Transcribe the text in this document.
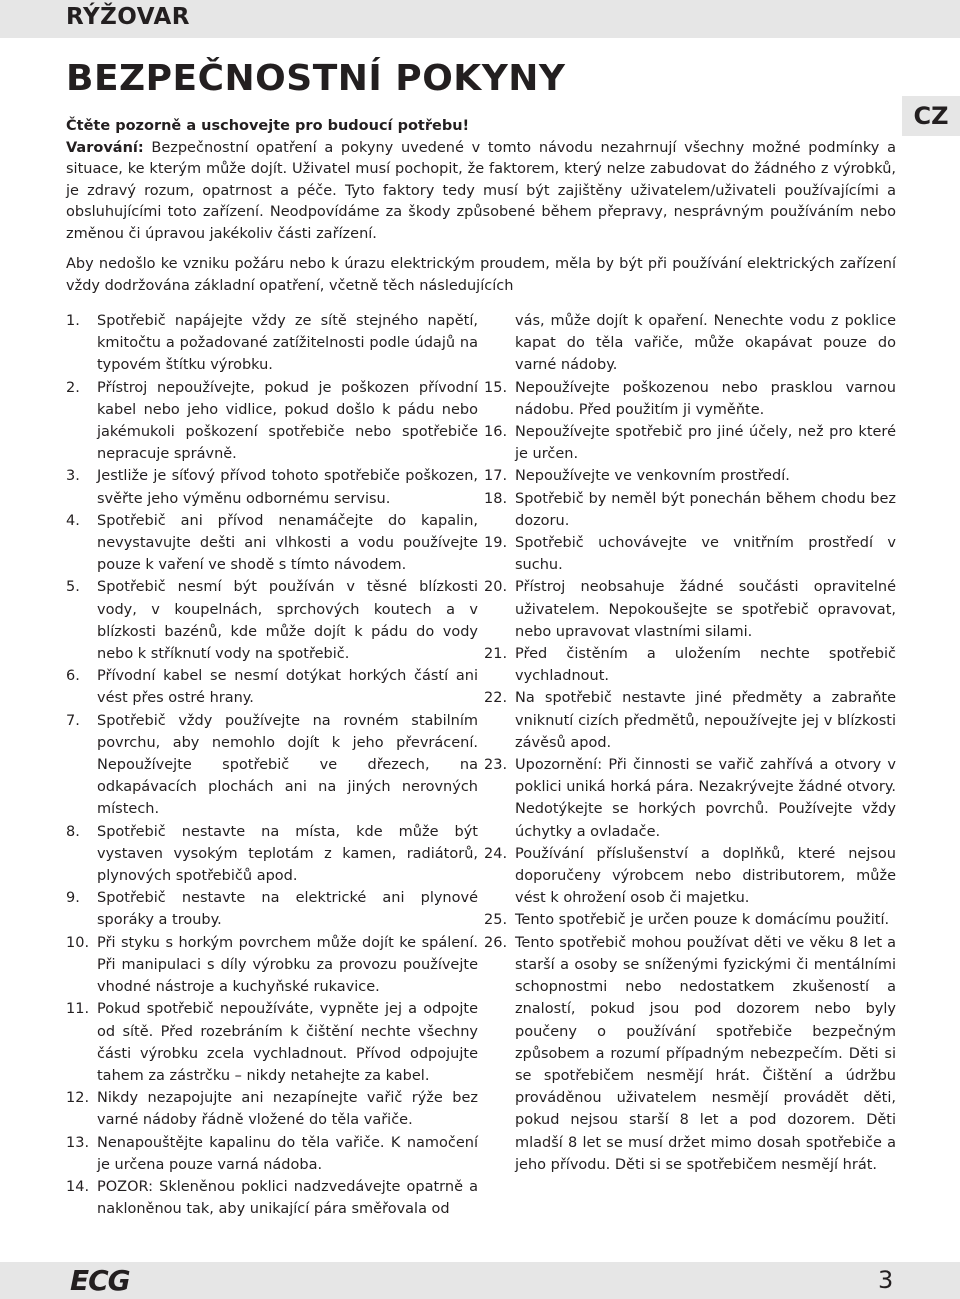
RÝŽOVAR
CZ
BEZPEČNOSTNÍ POKYNY

Čtěte pozorně a uschovejte pro budoucí potřebu!

Varování: Bezpečnostní opatření a pokyny uvedené v tomto návodu nezahrnují všechny možné podmínky a situace, ke kterým může dojít. Uživatel musí pochopit, že faktorem, který nelze zabudovat do žádného z výrobků, je zdravý rozum, opatrnost a péče. Tyto faktory tedy musí být zajištěny uživatelem/uživateli používajícími a obsluhujícími toto zařízení. Neodpovídáme za škody způsobené během přepravy, nesprávným používáním nebo změnou či úpravou jakékoliv části zařízení.

Aby nedošlo ke vzniku požáru nebo k úrazu elektrickým proudem, měla by být při používání elektrických zařízení vždy dodržována základní opatření, včetně těch následujících

1. Spotřebič napájejte vždy ze sítě stejného napětí, kmitočtu a požadované zatížitelnosti podle údajů na typovém štítku výrobku.
2. Přístroj nepoužívejte, pokud je poškozen přívodní kabel nebo jeho vidlice, pokud došlo k pádu nebo jakémukoli poškození spotřebiče nebo spotřebiče nepracuje správně.
3. Jestliže je síťový přívod tohoto spotřebiče poškozen, svěřte jeho výměnu odbornému servisu.
4. Spotřebič ani přívod nenamáčejte do kapalin, nevystavujte dešti ani vlhkosti a vodu používejte pouze k vaření ve shodě s tímto návodem.
5. Spotřebič nesmí být používán v těsné blízkosti vody, v koupelnách, sprchových koutech a v blízkosti bazénů, kde může dojít k pádu do vody nebo k stříknutí vody na spotřebič.
6. Přívodní kabel se nesmí dotýkat horkých částí ani vést přes ostré hrany.
7. Spotřebič vždy používejte na rovném stabilním povrchu, aby nemohlo dojít k jeho převrácení. Nepoužívejte spotřebič ve dřezech, na odkapávacích plochách ani na jiných nerovných místech.
8. Spotřebič nestavte na místa, kde může být vystaven vysokým teplotám z kamen, radiátorů, plynových spotřebičů apod.
9. Spotřebič nestavte na elektrické ani plynové sporáky a trouby.
10. Při styku s horkým povrchem může dojít ke spálení. Při manipulaci s díly výrobku za provozu používejte vhodné nástroje a kuchyňské rukavice.
11. Pokud spotřebič nepoužíváte, vypněte jej a odpojte od sítě. Před rozebráním k čištění nechte všechny části výrobku zcela vychladnout. Přívod odpojujte tahem za zástrčku – nikdy netahejte za kabel.
12. Nikdy nezapojujte ani nezapínejte vařič rýže bez varné nádoby řádně vložené do těla vařiče.
13. Nenapouštějte kapalinu do těla vařiče. K namočení je určena pouze varná nádoba.
14. POZOR: Skleněnou poklici nadzvedávejte opatrně a nakloněnou tak, aby unikající pára směřovala od
vás, může dojít k opaření. Nenechte vodu z poklice kapat do těla vařiče, může okapávat pouze do varné nádoby.
15. Nepoužívejte poškozenou nebo prasklou varnou nádobu. Před použitím ji vyměňte.
16. Nepoužívejte spotřebič pro jiné účely, než pro které je určen.
17. Nepoužívejte ve venkovním prostředí.
18. Spotřebič by neměl být ponechán během chodu bez dozoru.
19. Spotřebič uchovávejte ve vnitřním prostředí v suchu.
20. Přístroj neobsahuje žádné součásti opravitelné uživatelem. Nepokoušejte se spotřebič opravovat, nebo upravovat vlastními silami.
21. Před čistěním a uložením nechte spotřebič vychladnout.
22. Na spotřebič nestavte jiné předměty a zabraňte vniknutí cizích předmětů, nepoužívejte jej v blízkosti závěsů apod.
23. Upozornění: Při činnosti se vařič zahřívá a otvory v poklici uniká horká pára. Nezakrývejte žádné otvory. Nedotýkejte se horkých povrchů. Používejte vždy úchytky a ovladače.
24. Používání příslušenství a doplňků, které nejsou doporučeny výrobcem nebo distributorem, může vést k ohrožení osob či majetku.
25. Tento spotřebič je určen pouze k domácímu použití.
26. Tento spotřebič mohou používat děti ve věku 8 let a starší a osoby se sníženými fyzickými či mentálními schopnostmi nebo nedostatkem zkušeností a znalostí, pokud jsou pod dozorem nebo byly poučeny o používání spotřebiče bezpečným způsobem a rozumí případným nebezpečím. Děti si se spotřebičem nesmějí hrát. Čištění a údržbu prováděnou uživatelem nesmějí provádět děti, pokud nejsou starší 8 let a pod dozorem. Děti mladší 8 let se musí držet mimo dosah spotřebiče a jeho přívodu. Děti si se spotřebičem nesmějí hrát.
ECG	3
